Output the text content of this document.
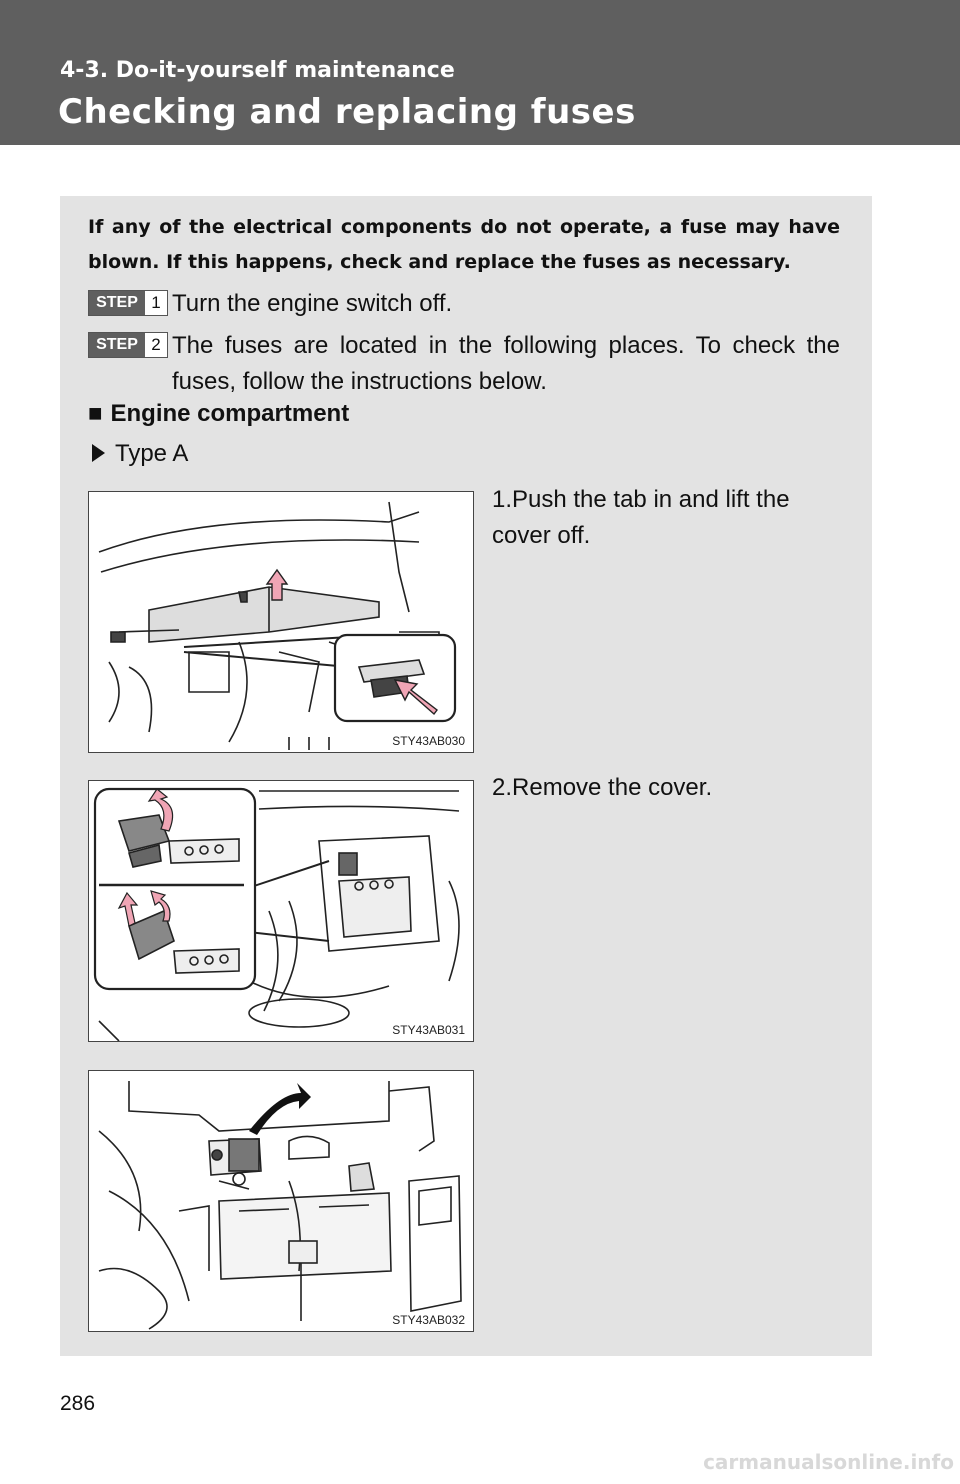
4-3. Do-it-yourself maintenance
Checking and replacing fuses
If any of the electrical components do not operate, a fuse may have blown. If this happens, check and replace the fuses as necessary.
STEP 1 Turn the engine switch off.
STEP 2 The fuses are located in the following places. To check the fuses, follow the instructions below.
■ Engine compartment
Type A
STY43AB030
1.Push the tab in and lift the cover off.
STY43AB031
2.Remove the cover.
STY43AB032
286
carmanualsonline.info
